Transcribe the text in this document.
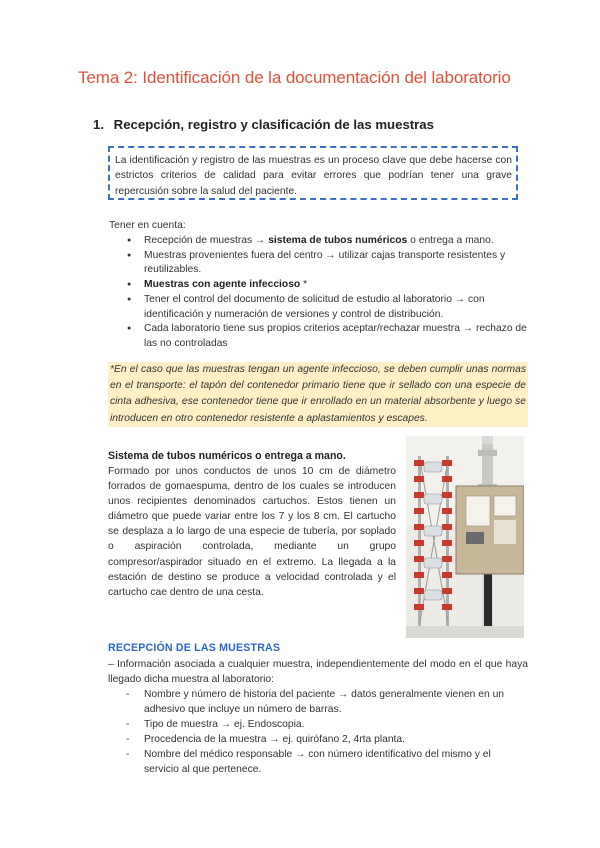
Tema 2: Identificación de la documentación del laboratorio
1. Recepción, registro y clasificación de las muestras
La identificación y registro de las muestras es un proceso clave que debe hacerse con estrictos criterios de calidad para evitar errores que podrían tener una grave repercusión sobre la salud del paciente.
Tener en cuenta:
● Recepción de muestras → sistema de tubos numéricos o entrega a mano.
● Muestras provenientes fuera del centro → utilizar cajas transporte resistentes y reutilizables.
● Muestras con agente infeccioso *
● Tener el control del documento de solicitud de estudio al laboratorio → con identificación y numeración de versiones y control de distribución.
● Cada laboratorio tiene sus propios criterios aceptar/rechazar muestra → rechazo de las no controladas
*En el caso que las muestras tengan un agente infeccioso, se deben cumplir unas normas en el transporte: el tapón del contenedor primario tiene que ir sellado con una especie de cinta adhesiva, ese contenedor tiene que ir enrollado en un material absorbente y luego se introducen en otro contenedor resistente a aplastamientos y escapes.
Sistema de tubos numéricos o entrega a mano.
Formado por unos conductos de unos 10 cm de diámetro forrados de gomaespuma, dentro de los cuales se introducen unos recipientes denominados cartuchos. Estos tienen un diámetro que puede variar entre los 7 y los 8 cm. El cartucho se desplaza a lo largo de una especie de tubería, por soplado o aspiración controlada, mediante un grupo compresor/aspirador situado en el extremo. La llegada a la estación de destino se produce a velocidad controlada y el cartucho cae dentro de una cesta.
RECEPCIÓN DE LAS MUESTRAS
– Información asociada a cualquier muestra, independientemente del modo en el que haya llegado dicha muestra al laboratorio:
- Nombre y número de historia del paciente → datos generalmente vienen en un adhesivo que incluye un número de barras.
- Tipo de muestra → ej. Endoscopia.
- Procedencia de la muestra → ej. quirófano 2, 4rta planta.
- Nombre del médico responsable → con número identificativo del mismo y el servicio al que pertenece.
